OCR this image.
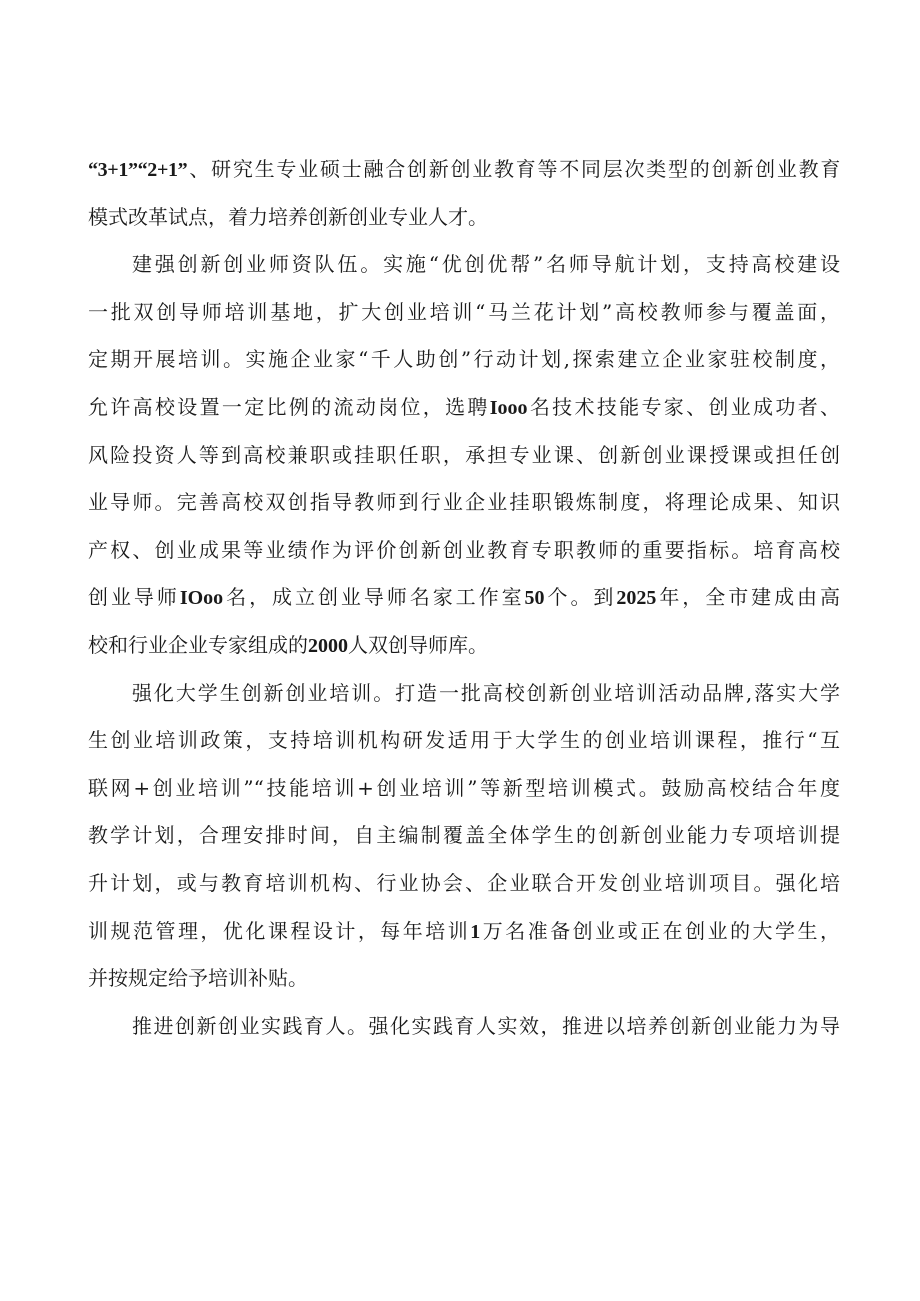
“3+1”“2+1”、研究生专业硕士融合创新创业教育等不同层次类型的创新创业教育
模式改革试点，着力培养创新创业专业人才。
建强创新创业师资队伍。实施“优创优帮”名师导航计划，支持高校建设
一批双创导师培训基地，扩大创业培训“马兰花计划”高校教师参与覆盖面，
定期开展培训。实施企业家“千人助创”行动计划,探索建立企业家驻校制度，
允许高校设置一定比例的流动岗位，选聘Iooo名技术技能专家、创业成功者、
风险投资人等到高校兼职或挂职任职，承担专业课、创新创业课授课或担任创
业导师。完善高校双创指导教师到行业企业挂职锻炼制度，将理论成果、知识
产权、创业成果等业绩作为评价创新创业教育专职教师的重要指标。培育高校
创业导师IOoo名，成立创业导师名家工作室50个。到2025年，全市建成由高
校和行业企业专家组成的2000人双创导师库。
强化大学生创新创业培训。打造一批高校创新创业培训活动品牌,落实大学
生创业培训政策，支持培训机构研发适用于大学生的创业培训课程，推行“互
联网+创业培训”“技能培训+创业培训”等新型培训模式。鼓励高校结合年度
教学计划，合理安排时间，自主编制覆盖全体学生的创新创业能力专项培训提
升计划，或与教育培训机构、行业协会、企业联合开发创业培训项目。强化培
训规范管理，优化课程设计，每年培训1万名准备创业或正在创业的大学生，
并按规定给予培训补贴。
推进创新创业实践育人。强化实践育人实效，推进以培养创新创业能力为导
